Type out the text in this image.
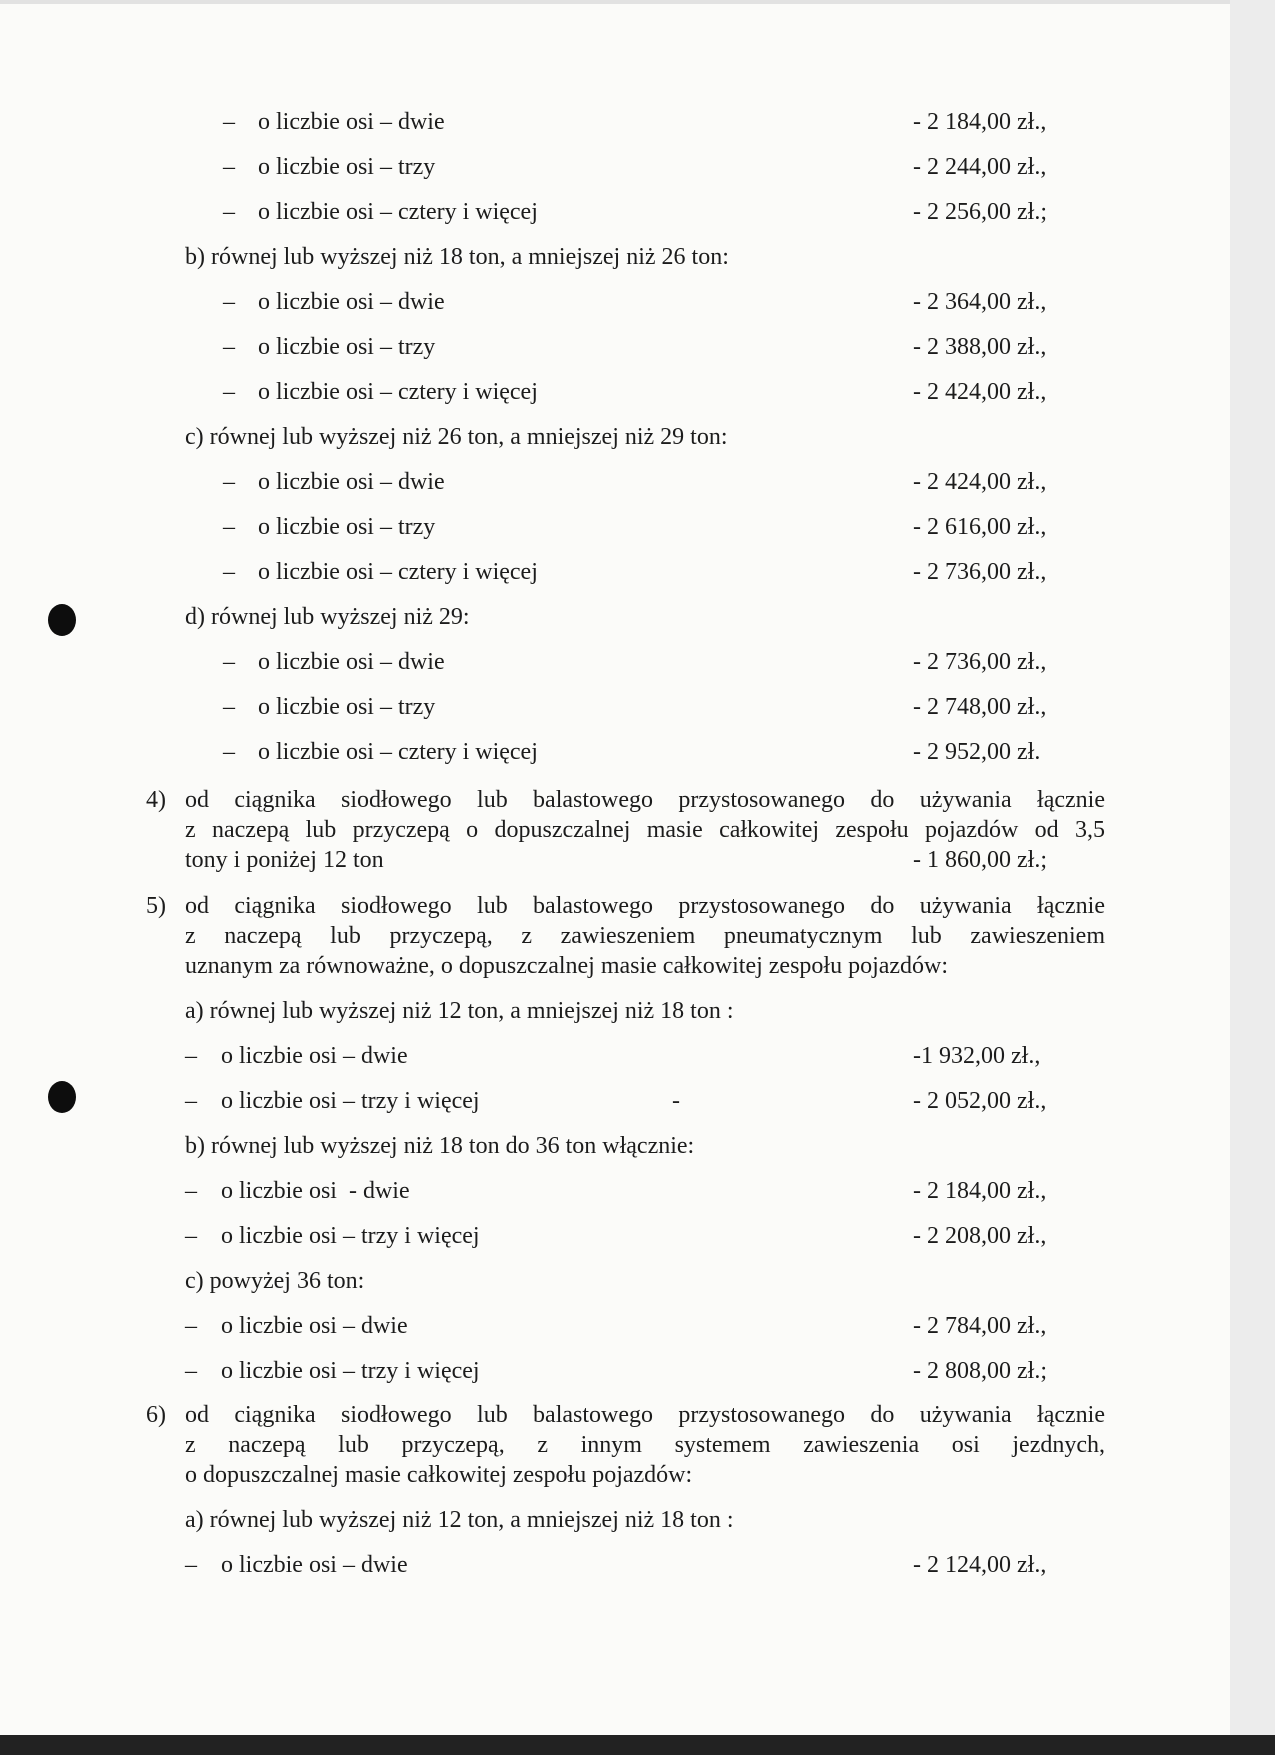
– o liczbie osi – dwie	- 2 184,00 zł.,
– o liczbie osi – trzy	- 2 244,00 zł.,
– o liczbie osi – cztery i więcej	- 2 256,00 zł.;
b) równej lub wyższej niż 18 ton, a mniejszej niż 26 ton:
– o liczbie osi – dwie	- 2 364,00 zł.,
– o liczbie osi – trzy	- 2 388,00 zł.,
– o liczbie osi – cztery i więcej	- 2 424,00 zł.,
c) równej lub wyższej niż 26 ton, a mniejszej niż 29 ton:
– o liczbie osi – dwie	- 2 424,00 zł.,
– o liczbie osi – trzy	- 2 616,00 zł.,
– o liczbie osi – cztery i więcej	- 2 736,00 zł.,
d) równej lub wyższej niż 29:
– o liczbie osi – dwie	- 2 736,00 zł.,
– o liczbie osi – trzy	- 2 748,00 zł.,
– o liczbie osi – cztery i więcej	- 2 952,00 zł.
4) od ciągnika siodłowego lub balastowego przystosowanego do używania łącznie
z naczepą lub przyczepą o dopuszczalnej masie całkowitej zespołu pojazdów od 3,5
tony i poniżej 12 ton	- 1 860,00 zł.;
5) od ciągnika siodłowego lub balastowego przystosowanego do używania łącznie
z naczepą lub przyczepą, z zawieszeniem pneumatycznym lub zawieszeniem
uznanym za równoważne, o dopuszczalnej masie całkowitej zespołu pojazdów:
a) równej lub wyższej niż 12 ton, a mniejszej niż 18 ton :
– o liczbie osi – dwie	-1 932,00 zł.,
– o liczbie osi – trzy i więcej	-	- 2 052,00 zł.,
b) równej lub wyższej niż 18 ton do 36 ton włącznie:
– o liczbie osi  - dwie	- 2 184,00 zł.,
– o liczbie osi – trzy i więcej	- 2 208,00 zł.,
c) powyżej 36 ton:
– o liczbie osi – dwie	- 2 784,00 zł.,
– o liczbie osi – trzy i więcej	- 2 808,00 zł.;
6) od ciągnika siodłowego lub balastowego przystosowanego do używania łącznie
z naczepą lub przyczepą, z innym systemem zawieszenia osi jezdnych,
o dopuszczalnej masie całkowitej zespołu pojazdów:
a) równej lub wyższej niż 12 ton, a mniejszej niż 18 ton :
– o liczbie osi – dwie	- 2 124,00 zł.,
